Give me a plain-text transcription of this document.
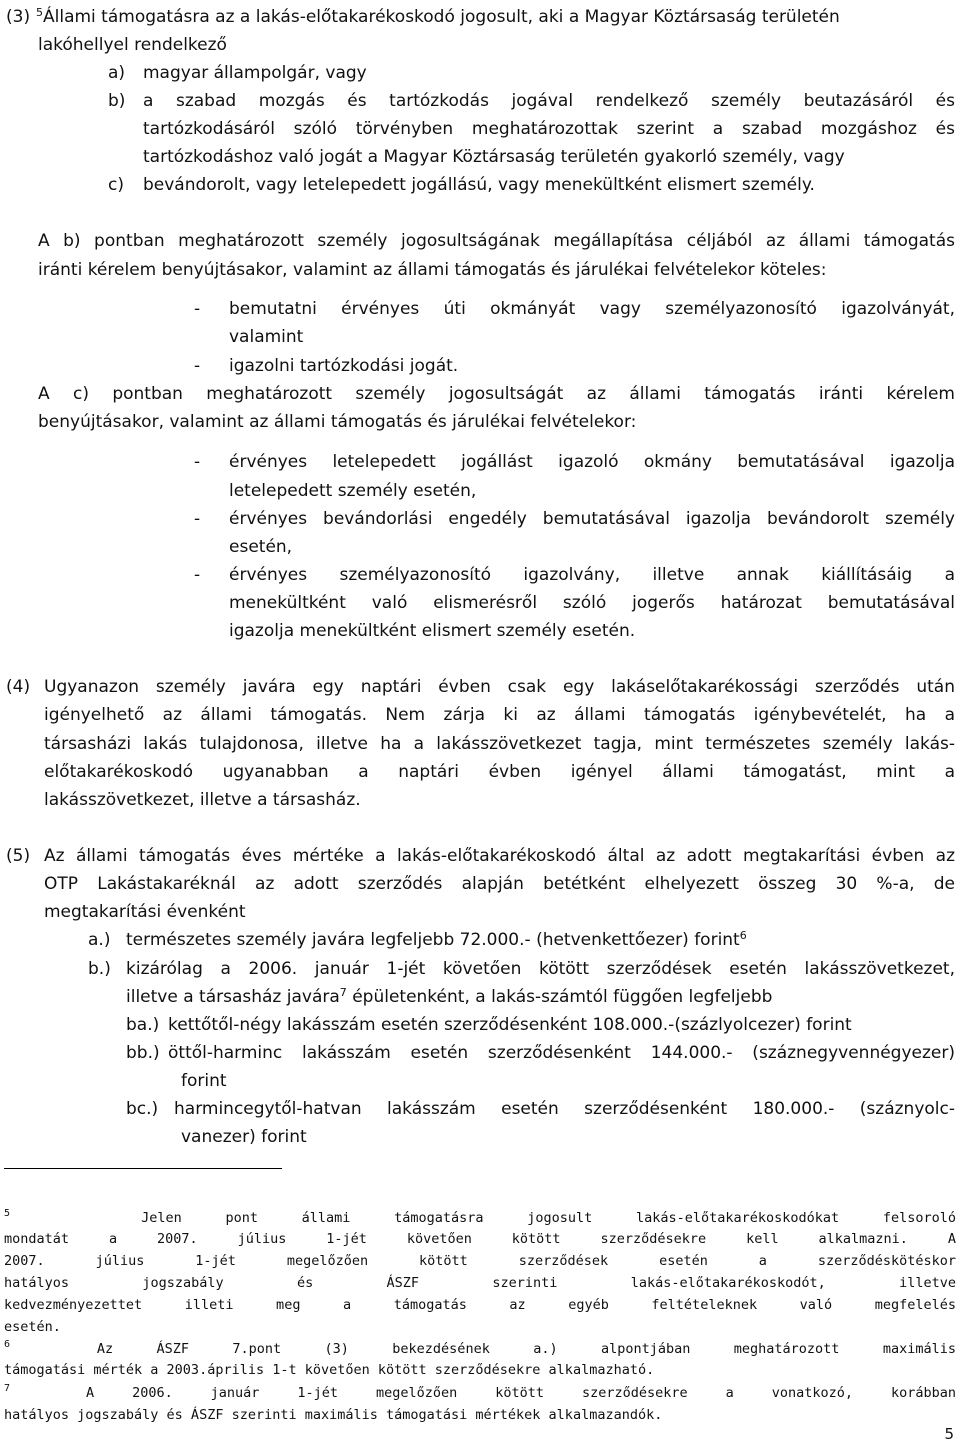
(3) $^5$Állami támogatásra az a lakás-előtakarékoskodó jogosult, aki a Magyar Köztársaság területén
lakóhellyel rendelkező
a) magyar állampolgár, vagy
b) a szabad mozgás és tartózkodás jogával rendelkező személy beutazásáról és
tartózkodásáról szóló törvényben meghatározottak szerint a szabad mozgáshoz és
tartózkodáshoz való jogát a Magyar Köztársaság területén gyakorló személy, vagy
c) bevándorolt, vagy letelepedett jogállású, vagy menekültként elismert személy.
A b) pontban meghatározott személy jogosultságának megállapítása céljából az állami támogatás
iránti kérelem benyújtásakor, valamint az állami támogatás és járulékai felvételekor köteles:
- bemutatni érvényes úti okmányát vagy személyazonosító igazolványát,
valamint
- igazolni tartózkodási jogát.
A c) pontban meghatározott személy jogosultságát az állami támogatás iránti kérelem
benyújtásakor, valamint az állami támogatás és járulékai felvételekor:
- érvényes letelepedett jogállást igazoló okmány bemutatásával igazolja
letelepedett személy esetén,
- érvényes bevándorlási engedély bemutatásával igazolja bevándorolt személy
esetén,
- érvényes személyazonosító igazolvány, illetve annak kiállításáig a
menekültként való elismerésről szóló jogerős határozat bemutatásával
igazolja menekültként elismert személy esetén.
(4) Ugyanazon személy javára egy naptári évben csak egy lakáselőtakarékossági szerződés után
igényelhető az állami támogatás. Nem zárja ki az állami támogatás igénybevételét, ha a
társasházi lakás tulajdonosa, illetve ha a lakásszövetkezet tagja, mint természetes személy lakás-
előtakarékoskodó ugyanabban a naptári évben igényel állami támogatást, mint a
lakásszövetkezet, illetve a társasház.
(5) Az állami támogatás éves mértéke a lakás-előtakarékoskodó által az adott megtakarítási évben az
OTP Lakástakaréknál az adott szerződés alapján betétként elhelyezett összeg 30 %-a, de
megtakarítási évenként
a.) természetes személy javára legfeljebb 72.000.- (hetvenkettőezer) forint$^6$
b.) kizárólag a 2006. január 1-jét követően kötött szerződések esetén lakásszövetkezet,
illetve a társasház javára$^7$ épületenként, a lakás-számtól függően legfeljebb
ba.) kettőtől-négy lakásszám esetén szerződésenként 108.000.-(százlyolcezer) forint
bb.) öttől-harminc lakásszám esetén szerződésenként 144.000.- (száznegyvennégyezer)
forint
bc.) harmincegytől-hatvan lakásszám esetén szerződésenként 180.000.- (száznyolc-
vanezer) forint
$^5$	Jelen pont állami támogatásra jogosult lakás-előtakarékoskodókat felsoroló
mondatát a 2007. július 1-jét követően kötött szerződésekre kell alkalmazni. A
2007. július 1-jét megelőzően kötött szerződések esetén a szerződéskötéskor
hatályos jogszabály és ÁSZF szerinti lakás-előtakarékoskodót, illetve
kedvezményezettet illeti meg a támogatás az egyéb feltételeknek való megfelelés
esetén.
$^6$	Az ÁSZF 7.pont (3) bekezdésének a.) alpontjában meghatározott maximális
támogatási mérték a 2003.április 1-t követően kötött szerződésekre alkalmazható.
$^7$	A 2006. január 1-jét megelőzően kötött szerződésekre a vonatkozó, korábban
hatályos jogszabály és ÁSZF szerinti maximális támogatási mértékek alkalmazandók.
5
